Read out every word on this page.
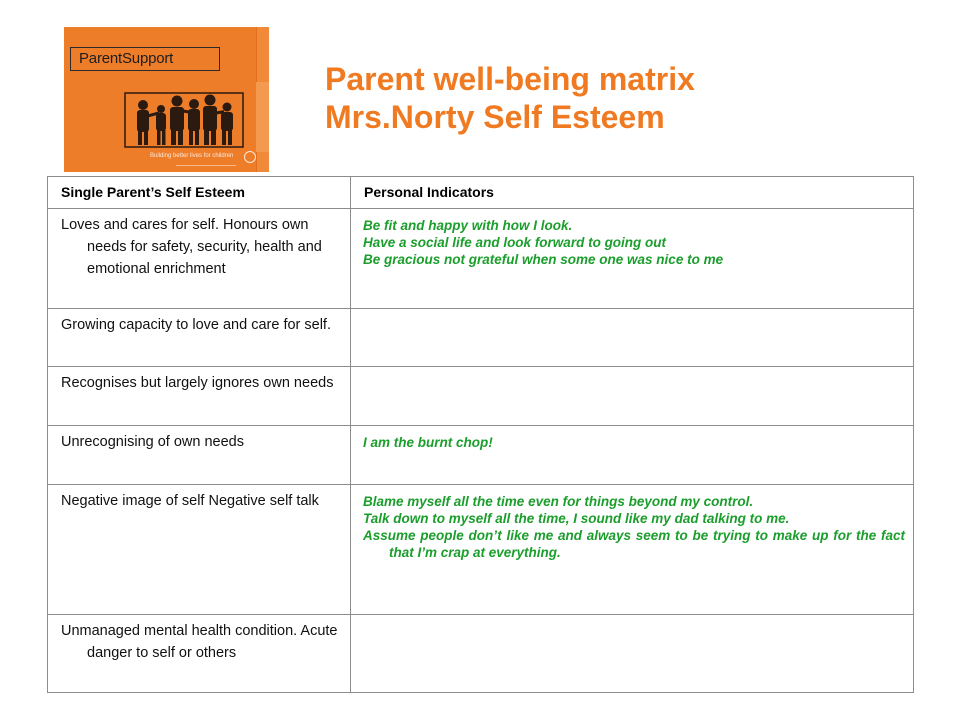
ParentSupport
Building better lives for children
Parent well-being matrix
Mrs.Norty Self Esteem
Single Parent’s Self Esteem	Personal Indicators

Loves and cares for self. Honours own needs for safety, security, health and emotional enrichment	Be fit and happy with how I look.
Have a social life and look forward to going out
Be gracious not grateful when some one was nice to me

Growing capacity to love and care for self.	

Recognises but largely ignores own needs	

Unrecognising of own needs	I am the burnt chop!

Negative image of self Negative self talk	Blame myself all the time even for things beyond my control.
Talk down to myself all the time, I sound like my dad talking to me.
Assume people don’t like me and always seem to be trying to make up for the fact that I’m crap at everything.

Unmanaged mental health condition. Acute danger to self or others	
